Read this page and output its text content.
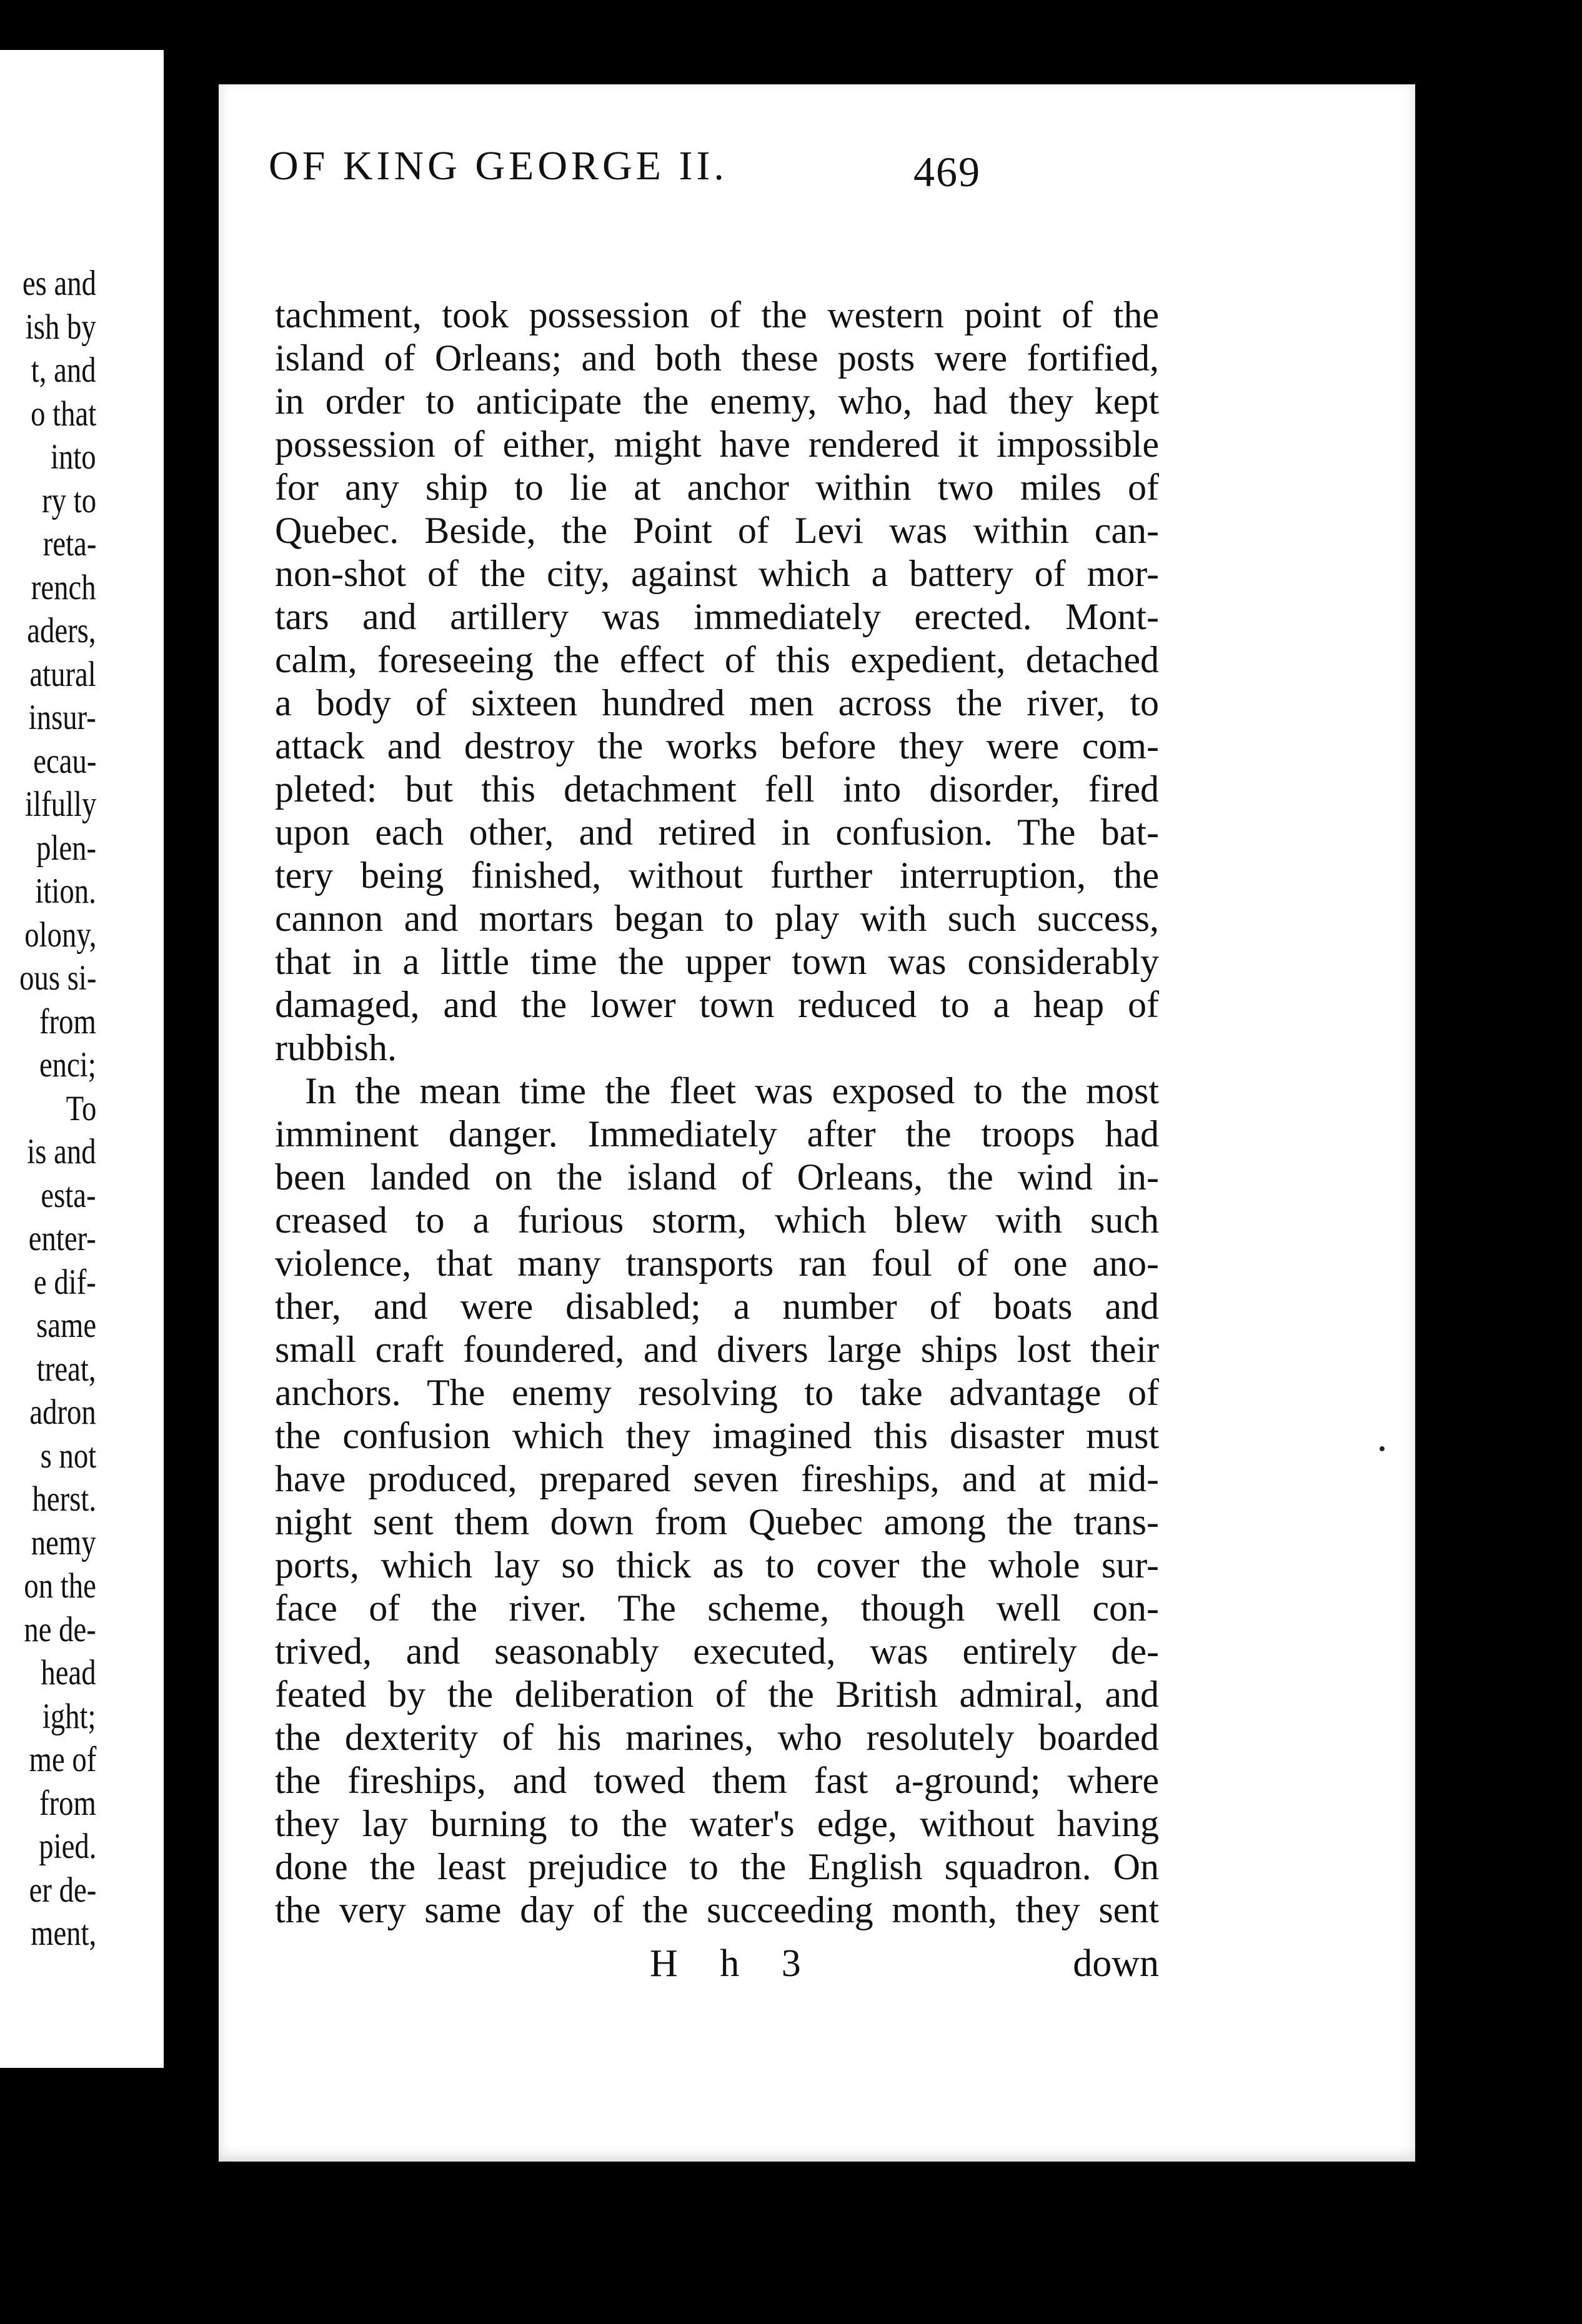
es and
ish by
t, and
o that
into
ry to
reta-
rench
aders,
atural
insur-
ecau-
ilfully
plen-
ition.
olony,
ous si-
from
enci;
To
is and
esta-
enter-
e dif-
same
treat,
adron
s not
herst.
nemy
on the
ne de-
head
ight;
me of
from
pied.
er de-
ment,
OF KING GEORGE II.	469
tachment, took possession of the western point of the
island of Orleans; and both these posts were fortified,
in order to anticipate the enemy, who, had they kept
possession of either, might have rendered it impossible
for any ship to lie at anchor within two miles of
Quebec. Beside, the Point of Levi was within can-
non-shot of the city, against which a battery of mor-
tars and artillery was immediately erected. Mont-
calm, foreseeing the effect of this expedient, detached
a body of sixteen hundred men across the river, to
attack and destroy the works before they were com-
pleted: but this detachment fell into disorder, fired
upon each other, and retired in confusion. The bat-
tery being finished, without further interruption, the
cannon and mortars began to play with such success,
that in a little time the upper town was considerably
damaged, and the lower town reduced to a heap of
rubbish.
In the mean time the fleet was exposed to the most
imminent danger. Immediately after the troops had
been landed on the island of Orleans, the wind in-
creased to a furious storm, which blew with such
violence, that many transports ran foul of one ano-
ther, and were disabled; a number of boats and
small craft foundered, and divers large ships lost their
anchors. The enemy resolving to take advantage of
the confusion which they imagined this disaster must
have produced, prepared seven fireships, and at mid-
night sent them down from Quebec among the trans-
ports, which lay so thick as to cover the whole sur-
face of the river. The scheme, though well con-
trived, and seasonably executed, was entirely de-
feated by the deliberation of the British admiral, and
the dexterity of his marines, who resolutely boarded
the fireships, and towed them fast a-ground; where
they lay burning to the water's edge, without having
done the least prejudice to the English squadron. On
the very same day of the succeeding month, they sent
H h 3	down
